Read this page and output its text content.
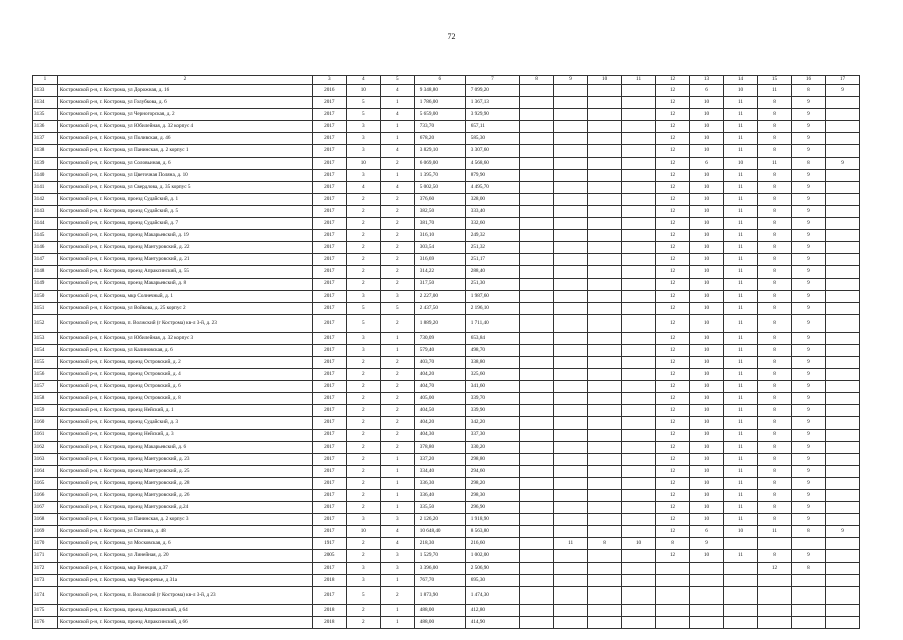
72
1	2	3	4	5	6	7	8	9	10	11	12	13	14	15	16	17
3133	Костромской р-н, г. Кострома, ул Дорожная, д. 16	2016	10	4	9 348,80	7 099,20					12	6	10	11	8	9
3134	Костромской р-н, г. Кострома, ул Голубкова, д. 6	2017	5	1	1 786,00	1 367,13					12	10	11	8	9	
3135	Костромской р-н, г. Кострома, ул Черногорская, д. 2	2017	5	4	5 659,00	3 929,90					12	10	11	8	9	
3136	Костромской р-н, г. Кострома, ул Юбилейная, д. 32 корпус 4	2017	3	1	733,70	657,11					12	10	11	8	9	
3137	Костромской р-н, г. Кострома, ул Поливская, д. 46	2017	3	1	678,20	585,30					12	10	11	8	9	
3138	Костромской р-н, г. Кострома, ул Панинская, д. 2 корпус 1	2017	3	4	3 829,10	3 307,60					12	10	11	8	9	
3139	Костромской р-н, г. Кострома, ул Соловьиная, д. 6	2017	10	2	6 069,00	4 568,60					12	6	10	11	8	9
3140	Костромской р-н, г. Кострома, ул Цветочная Поляна, д. 10	2017	3	1	1 395,70	879,90					12	10	11	8	9	
3141	Костромской р-н, г. Кострома, ул Свердлова, д. 35 корпус 5	2017	4	4	5 002,50	4 495,70					12	10	11	8	9	
3142	Костромской р-н, г. Кострома, проезд Судайский, д. 1	2017	2	2	376,60	328,00					12	10	11	8	9	
3143	Костромской р-н, г. Кострома, проезд Судайский, д. 5	2017	2	2	382,50	333,40					12	10	11	8	9	
3144	Костромской р-н, г. Кострома, проезд Судайский, д. 7	2017	2	2	381,70	332,60					12	10	11	8	9	
3145	Костромской р-н, г. Кострома, проезд Макарьевский, д. 19	2017	2	2	316,10	249,32					12	10	11	8	9	
3146	Костромской р-н, г. Кострома, проезд Мантуровский, д. 22	2017	2	2	303,54	251,32					12	10	11	8	9	
3147	Костромской р-н, г. Кострома, проезд Мантуровский, д. 21	2017	2	2	316,69	251,17					12	10	11	8	9	
3148	Костромской р-н, г. Кострома, проезд Апраксинский, д. 55	2017	2	2	314,22	288,40					12	10	11	8	9	
3149	Костромской р-н, г. Кострома, проезд Макарьевский, д. 8	2017	2	2	317,50	251,30					12	10	11	8	9	
3150	Костромской р-н, г. Кострома, мкр Солнечный, д. 1	2017	3	3	2 227,00	1 987,60					12	10	11	8	9	
3151	Костромской р-н, г. Кострома, ул Войкова, д. 25 корпус 2	2017	5	5	2 437,50	2 196,10					12	10	11	8	9	
3152	Костромской р-н, г. Кострома, п. Волжский (г Кострома) кв-л 3-й, д. 23	2017	5	2	1 889,20	1 711,40					12	10	11	8	9	
3153	Костромской р-н, г. Кострома, ул Юбилейная, д. 32 корпус 3	2017	3	1	730,09	653,84					12	10	11	8	9	
3154	Костромской р-н, г. Кострома, ул Калиновская, д. 6	2017	3	1	579,40	498,70					12	10	11	8	9	
3155	Костромской р-н, г. Кострома, проезд Островский, д. 2	2017	2	2	403,70	338,80					12	10	11	8	9	
3156	Костромской р-н, г. Кострома, проезд Островский, д. 4	2017	2	2	404,20	325,60					12	10	11	8	9	
3157	Костромской р-н, г. Кострома, проезд Островский, д. 6	2017	2	2	404,70	341,60					12	10	11	8	9	
3158	Костромской р-н, г. Кострома, проезд Островский, д. 8	2017	2	2	405,00	339,70					12	10	11	8	9	
3159	Костромской р-н, г. Кострома, проезд Нейский, д. 1	2017	2	2	404,50	339,90					12	10	11	8	9	
3160	Костромской р-н, г. Кострома, проезд Судайский, д. 3	2017	2	2	404,20	342,20					12	10	11	8	9	
3161	Костромской р-н, г. Кострома, проезд Нейский, д. 3	2017	2	2	404,30	337,30					12	10	11	8	9	
3162	Костромской р-н, г. Кострома, проезд Макарьевский, д. 6	2017	2	2	378,80	330,20					12	10	11	8	9	
3163	Костромской р-н, г. Кострома, проезд Мантуровский, д. 23	2017	2	1	337,20	298,80					12	10	11	8	9	
3164	Костромской р-н, г. Кострома, проезд Мантуровский, д. 25	2017	2	1	334,40	294,60					12	10	11	8	9	
3165	Костромской р-н, г. Кострома, проезд Мантуровский, д. 28	2017	2	1	336,30	298,20					12	10	11	8	9	
3166	Костромской р-н, г. Кострома, проезд Мантуровский, д. 26	2017	2	1	336,40	298,30					12	10	11	8	9	
3167	Костромской р-н, г. Кострома, проезд Мантуровский, д.24	2017	2	1	335,50	296,90					12	10	11	8	9	
3168	Костромской р-н, г. Кострома, ул Панинская, д. 2 корпус 3	2017	3	3	2 126,20	1 918,90					12	10	11	8	9	
3169	Костромской р-н, г. Кострома, ул Стопина, д. 48	2017	10	4	10 648,40	8 563,80					12	6	10	11	8	9
3170	Костромской р-н, г. Кострома, ул Московская, д. 6	1917	2	4	218,30	216,60		11	8	10	8	9				
3171	Костромской р-н, г. Кострома, ул Линейная, д. 20	2005	2	3	1 529,70	1 002,00					12	10	11	8	9	
3172	Костромской р-н, г. Кострома, мкр Венеция, д.37	2017	3	3	3 396,00	2 506,90								12	8	
3173	Костромской р-н, г. Кострома, мкр Черноречье, д 31а	2018	3	1	767,70	695,30										
3174	Костромской р-н, г. Кострома, п. Волжский (г Кострома) кв-л 3-й, д 23	2017	5	2	1 873,90	1 474,30										
3175	Костромской р-н, г. Кострома, проезд Апраксинский, д 64	2018	2	1	488,00	412,80										
3176	Костромской р-н, г. Кострома, проезд Апраксинский, д 66	2018	2	1	488,00	414,90										
